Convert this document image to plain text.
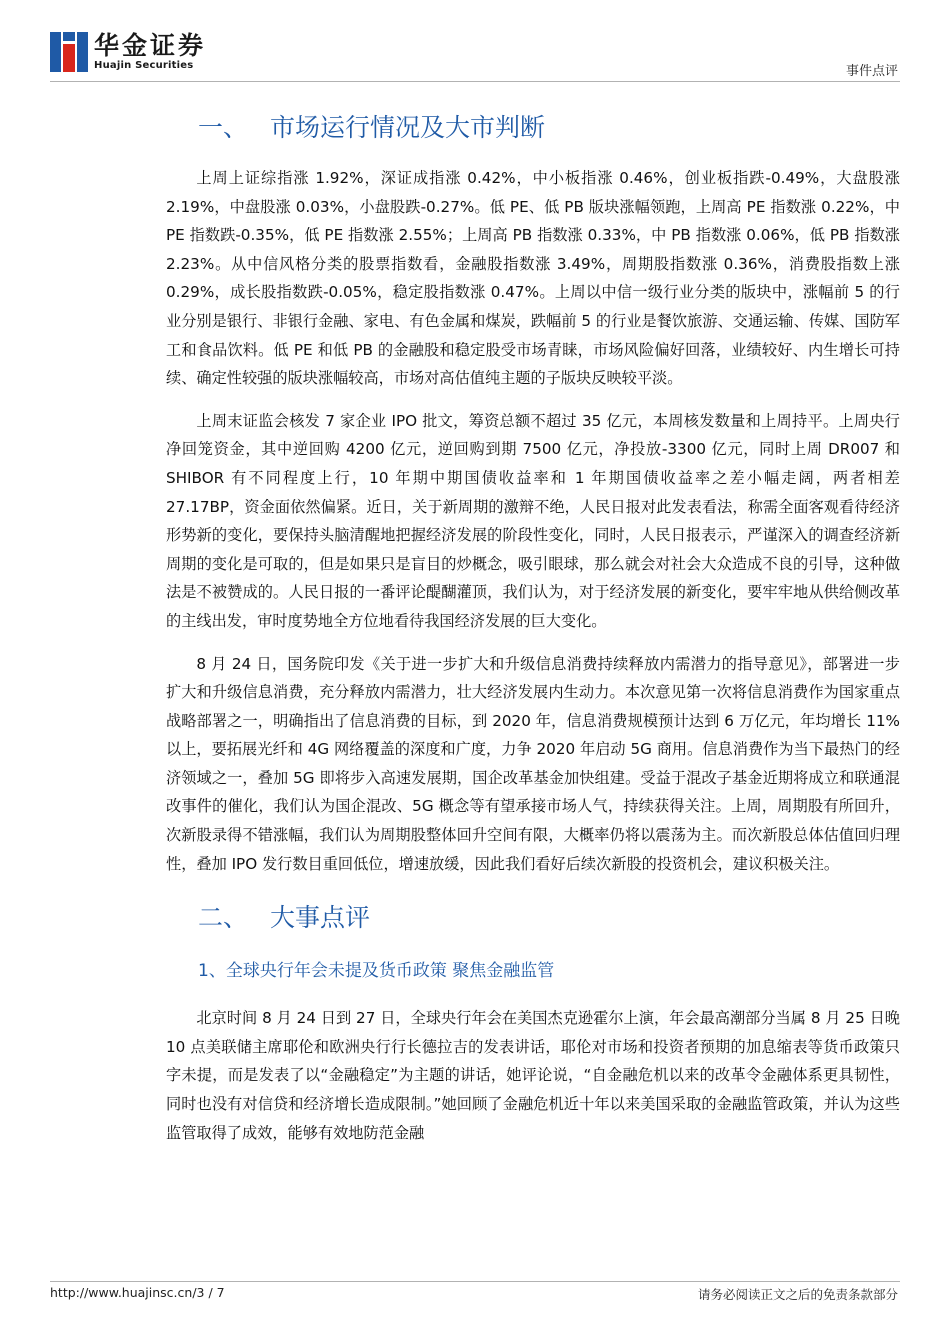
华金证券
Huajin Securities	事件点评
一、 市场运行情况及大市判断

上周上证综指涨 1.92%，深证成指涨 0.42%，中小板指涨 0.46%，创业板指跌-0.49%，大盘股涨 2.19%，中盘股涨 0.03%，小盘股跌-0.27%。低 PE、低 PB 版块涨幅领跑，上周高 PE 指数涨 0.22%，中 PE 指数跌-0.35%，低 PE 指数涨 2.55%；上周高 PB 指数涨 0.33%，中 PB 指数涨 0.06%，低 PB 指数涨 2.23%。从中信风格分类的股票指数看，金融股指数涨 3.49%，周期股指数涨 0.36%，消费股指数上涨 0.29%，成长股指数跌-0.05%，稳定股指数涨 0.47%。上周以中信一级行业分类的版块中，涨幅前 5 的行业分别是银行、非银行金融、家电、有色金属和煤炭，跌幅前 5 的行业是餐饮旅游、交通运输、传媒、国防军工和食品饮料。低 PE 和低 PB 的金融股和稳定股受市场青睐，市场风险偏好回落，业绩较好、内生增长可持续、确定性较强的版块涨幅较高，市场对高估值纯主题的子版块反映较平淡。

上周末证监会核发 7 家企业 IPO 批文，筹资总额不超过 35 亿元，本周核发数量和上周持平。上周央行净回笼资金，其中逆回购 4200 亿元，逆回购到期 7500 亿元，净投放-3300 亿元，同时上周 DR007 和 SHIBOR 有不同程度上行，10 年期中期国债收益率和 1 年期国债收益率之差小幅走阔，两者相差 27.17BP，资金面依然偏紧。近日，关于新周期的激辩不绝，人民日报对此发表看法，称需全面客观看待经济形势新的变化，要保持头脑清醒地把握经济发展的阶段性变化，同时，人民日报表示，严谨深入的调查经济新周期的变化是可取的，但是如果只是盲目的炒概念，吸引眼球，那么就会对社会大众造成不良的引导，这种做法是不被赞成的。人民日报的一番评论醍醐灌顶，我们认为，对于经济发展的新变化，要牢牢地从供给侧改革的主线出发，审时度势地全方位地看待我国经济发展的巨大变化。

8 月 24 日，国务院印发《关于进一步扩大和升级信息消费持续释放内需潜力的指导意见》，部署进一步扩大和升级信息消费，充分释放内需潜力，壮大经济发展内生动力。本次意见第一次将信息消费作为国家重点战略部署之一，明确指出了信息消费的目标，到 2020 年，信息消费规模预计达到 6 万亿元，年均增长 11%以上，要拓展光纤和 4G 网络覆盖的深度和广度，力争 2020 年启动 5G 商用。信息消费作为当下最热门的经济领域之一，叠加 5G 即将步入高速发展期，国企改革基金加快组建。受益于混改子基金近期将成立和联通混改事件的催化，我们认为国企混改、5G 概念等有望承接市场人气，持续获得关注。上周，周期股有所回升，次新股录得不错涨幅，我们认为周期股整体回升空间有限，大概率仍将以震荡为主。而次新股总体估值回归理性，叠加 IPO 发行数目重回低位，增速放缓，因此我们看好后续次新股的投资机会，建议积极关注。

二、 大事点评
1、全球央行年会未提及货币政策 聚焦金融监管

北京时间 8 月 24 日到 27 日，全球央行年会在美国杰克逊霍尔上演，年会最高潮部分当属 8 月 25 日晚 10 点美联储主席耶伦和欧洲央行行长德拉吉的发表讲话，耶伦对市场和投资者预期的加息缩表等货币政策只字未提，而是发表了以“金融稳定”为主题的讲话，她评论说，“自金融危机以来的改革令金融体系更具韧性，同时也没有对信贷和经济增长造成限制。”她回顾了金融危机近十年以来美国采取的金融监管政策，并认为这些监管取得了成效，能够有效地防范金融

http://www.huajinsc.cn/3 / 7	请务必阅读正文之后的免责条款部分
